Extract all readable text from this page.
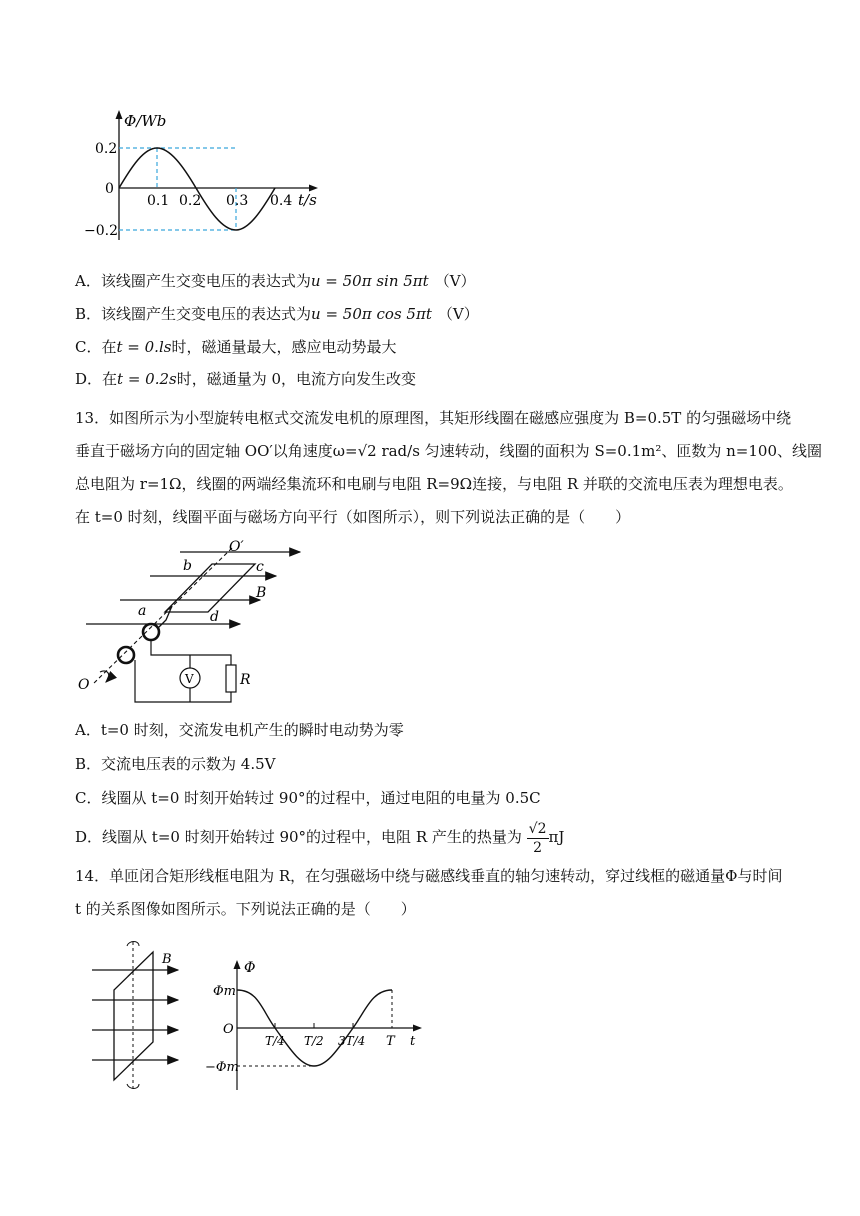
Φ/Wb
0.2
0
−0.2
0.1 0.2 0.3 0.4 t/s
A．该线圈产生交变电压的表达式为u = 50π sin 5πt （V）
B．该线圈产生交变电压的表达式为u = 50π cos 5πt （V）
C．在t = 0.ls时，磁通量最大，感应电动势最大
D．在t = 0.2s时，磁通量为 0，电流方向发生改变
13．如图所示为小型旋转电枢式交流发电机的原理图，其矩形线圈在磁感应强度为 B=0.5T 的匀强磁场中绕
垂直于磁场方向的固定轴 OO′以角速度ω=√2 rad/s 匀速转动，线圈的面积为 S=0.1m²、匝数为 n=100、线圈
总电阻为 r=1Ω，线圈的两端经集流环和电刷与电阻 R=9Ω连接，与电阻 R 并联的交流电压表为理想电表。
在 t=0 时刻，线圈平面与磁场方向平行（如图所示），则下列说法正确的是（　　）
O′
b	c
B
a	d
O	V	R
A．t=0 时刻，交流发电机产生的瞬时电动势为零
B．交流电压表的示数为 4.5V
C．线圈从 t=0 时刻开始转过 90°的过程中，通过电阻的电量为 0.5C
D．线圈从 t=0 时刻开始转过 90°的过程中，电阻 R 产生的热量为 $\frac{√2}{2}$ πJ
14．单匝闭合矩形线框电阻为 R，在匀强磁场中绕与磁感线垂直的轴匀速转动，穿过线框的磁通量Φ与时间
t 的关系图像如图所示。下列说法正确的是（　　）
B
Φ
Φm
O
−Φm
T/4 T/2 3T/4 T t
